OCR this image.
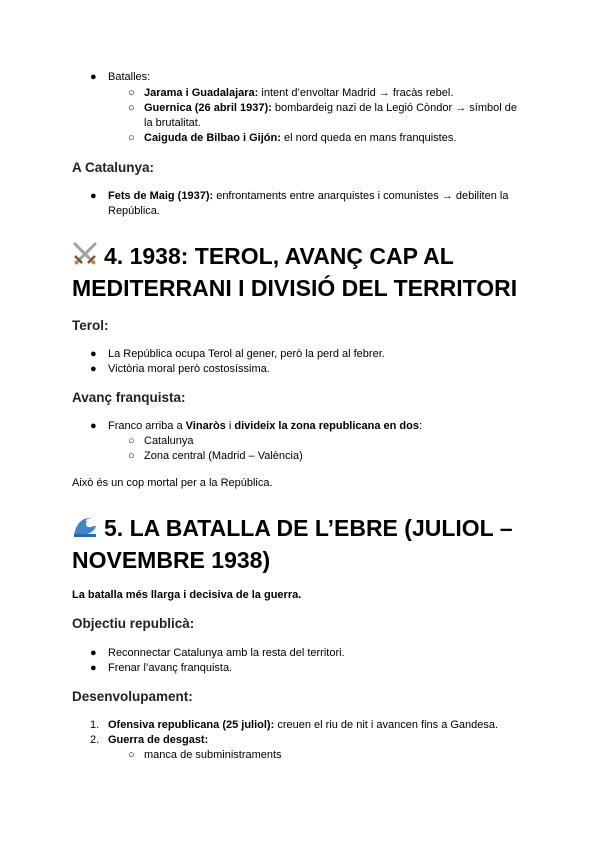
● Batalles:
○ Jarama i Guadalajara: intent d’envoltar Madrid → fracàs rebel.
○ Guernica (26 abril 1937): bombardeig nazi de la Legió Còndor → símbol de
la brutalitat.
○ Caiguda de Bilbao i Gijón: el nord queda en mans franquistes.
A Catalunya:
● Fets de Maig (1937): enfrontaments entre anarquistes i comunistes → debiliten la
República.
4. 1938: TEROL, AVANÇ CAP AL
MEDITERRANI I DIVISIÓ DEL TERRITORI
Terol:
● La República ocupa Terol al gener, però la perd al febrer.
● Victòria moral però costosíssima.
Avanç franquista:
● Franco arriba a Vinaròs i divideix la zona republicana en dos:
○ Catalunya
○ Zona central (Madrid – València)
Això és un cop mortal per a la República.
5. LA BATALLA DE L’EBRE (JULIOL –
NOVEMBRE 1938)
La batalla més llarga i decisiva de la guerra.
Objectiu republicà:
● Reconnectar Catalunya amb la resta del territori.
● Frenar l’avanç franquista.
Desenvolupament:
1. Ofensiva republicana (25 juliol): creuen el riu de nit i avancen fins a Gandesa.
2. Guerra de desgast:
○ manca de subministraments
